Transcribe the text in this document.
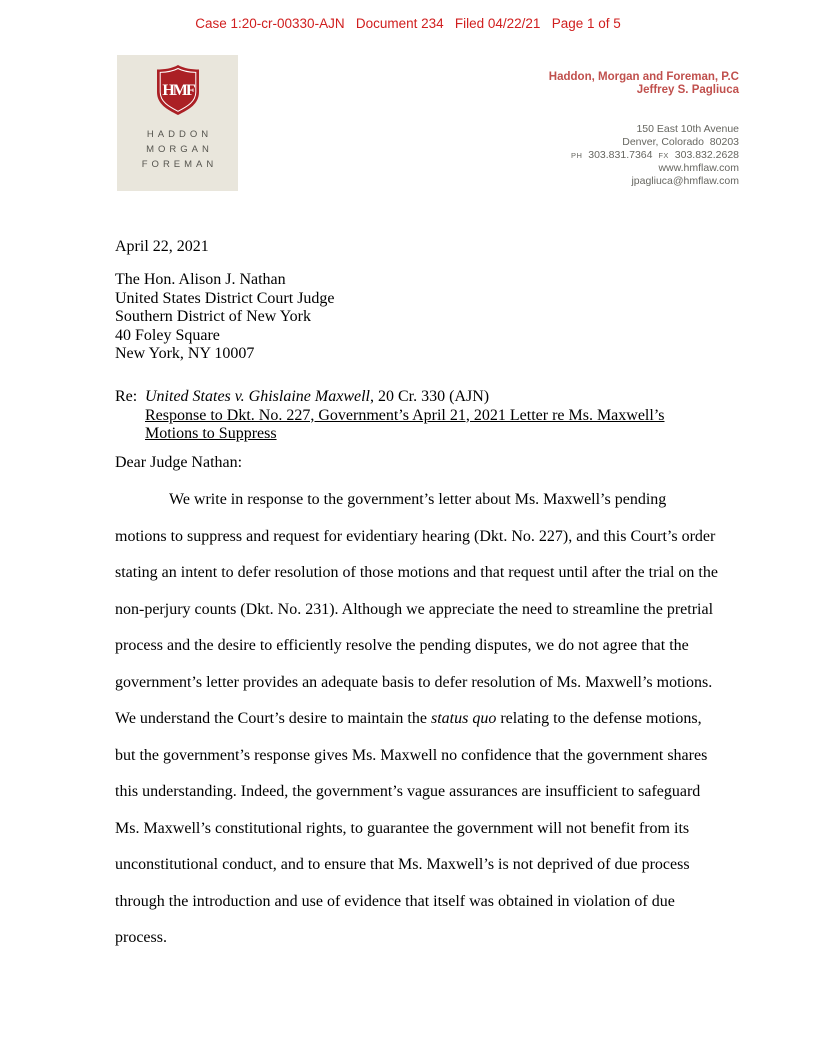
Case 1:20-cr-00330-AJN   Document 234   Filed 04/22/21   Page 1 of 5
HMF
HADDON
MORGAN
FOREMAN
Haddon, Morgan and Foreman, P.C
Jeffrey S. Pagliuca
150 East 10th Avenue
Denver, Colorado  80203
PH 303.831.7364 FX 303.832.2628
www.hmflaw.com
jpagliuca@hmflaw.com
April 22, 2021
The Hon. Alison J. Nathan
United States District Court Judge
Southern District of New York
40 Foley Square
New York, NY 10007
Re: United States v. Ghislaine Maxwell, 20 Cr. 330 (AJN)
Response to Dkt. No. 227, Government’s April 21, 2021 Letter re Ms. Maxwell’s
Motions to Suppress
Dear Judge Nathan:

We write in response to the government’s letter about Ms. Maxwell’s pending motions to suppress and request for evidentiary hearing (Dkt. No. 227), and this Court’s order stating an intent to defer resolution of those motions and that request until after the trial on the non-perjury counts (Dkt. No. 231). Although we appreciate the need to streamline the pretrial process and the desire to efficiently resolve the pending disputes, we do not agree that the government’s letter provides an adequate basis to defer resolution of Ms. Maxwell’s motions. We understand the Court’s desire to maintain the status quo relating to the defense motions, but the government’s response gives Ms. Maxwell no confidence that the government shares this understanding. Indeed, the government’s vague assurances are insufficient to safeguard Ms. Maxwell’s constitutional rights, to guarantee the government will not benefit from its unconstitutional conduct, and to ensure that Ms. Maxwell’s is not deprived of due process through the introduction and use of evidence that itself was obtained in violation of due process.
